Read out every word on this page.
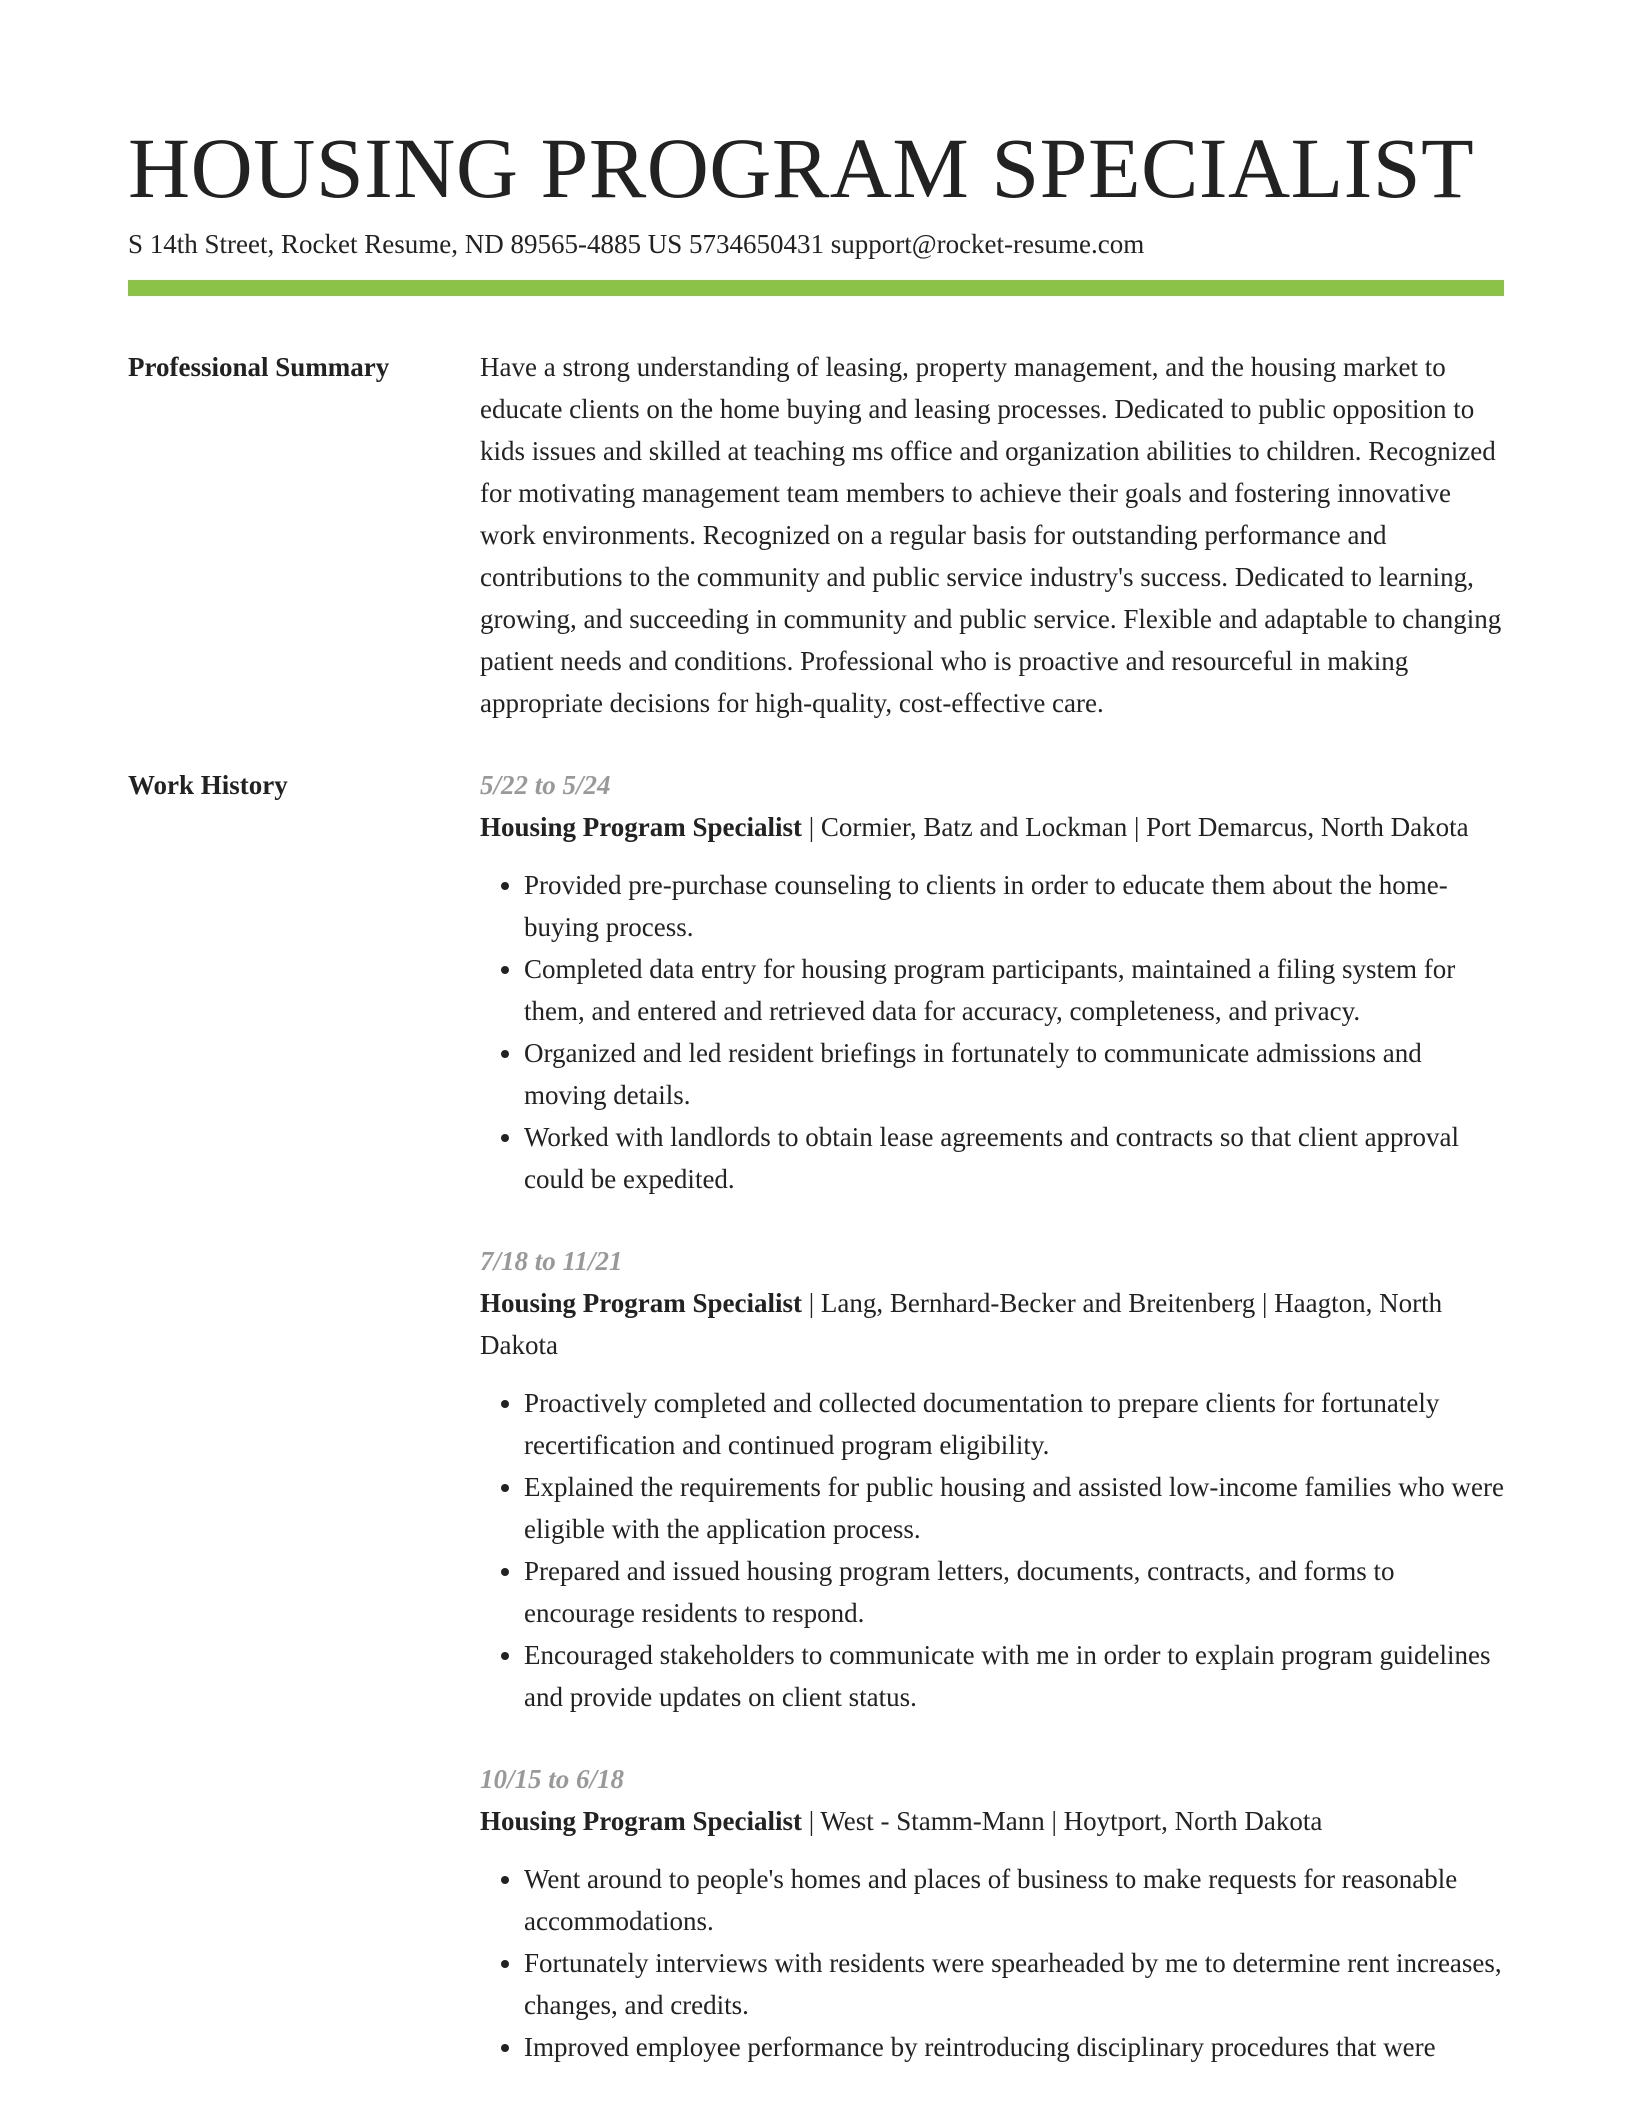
HOUSING PROGRAM SPECIALIST
S 14th Street, Rocket Resume, ND 89565-4885 US 5734650431 support@rocket-resume.com
Professional Summary	Have a strong understanding of leasing, property management, and the housing market to educate clients on the home buying and leasing processes. Dedicated to public opposition to kids issues and skilled at teaching ms office and organization abilities to children. Recognized for motivating management team members to achieve their goals and fostering innovative work environments. Recognized on a regular basis for outstanding performance and contributions to the community and public service industry's success. Dedicated to learning, growing, and succeeding in community and public service. Flexible and adaptable to changing patient needs and conditions. Professional who is proactive and resourceful in making appropriate decisions for high-quality, cost-effective care.

Work History	5/22 to 5/24

Housing Program Specialist | Cormier, Batz and Lockman | Port Demarcus, North Dakota

• Provided pre-purchase counseling to clients in order to educate them about the home-buying process.
• Completed data entry for housing program participants, maintained a filing system for them, and entered and retrieved data for accuracy, completeness, and privacy.
• Organized and led resident briefings in fortunately to communicate admissions and moving details.
• Worked with landlords to obtain lease agreements and contracts so that client approval could be expedited.
7/18 to 11/21

Housing Program Specialist | Lang, Bernhard-Becker and Breitenberg | Haagton, North Dakota

• Proactively completed and collected documentation to prepare clients for fortunately recertification and continued program eligibility.
• Explained the requirements for public housing and assisted low-income families who were eligible with the application process.
• Prepared and issued housing program letters, documents, contracts, and forms to encourage residents to respond.
• Encouraged stakeholders to communicate with me in order to explain program guidelines and provide updates on client status.
10/15 to 6/18

Housing Program Specialist | West - Stamm-Mann | Hoytport, North Dakota

• Went around to people's homes and places of business to make requests for reasonable accommodations.
• Fortunately interviews with residents were spearheaded by me to determine rent increases, changes, and credits.
• Improved employee performance by reintroducing disciplinary procedures that were
